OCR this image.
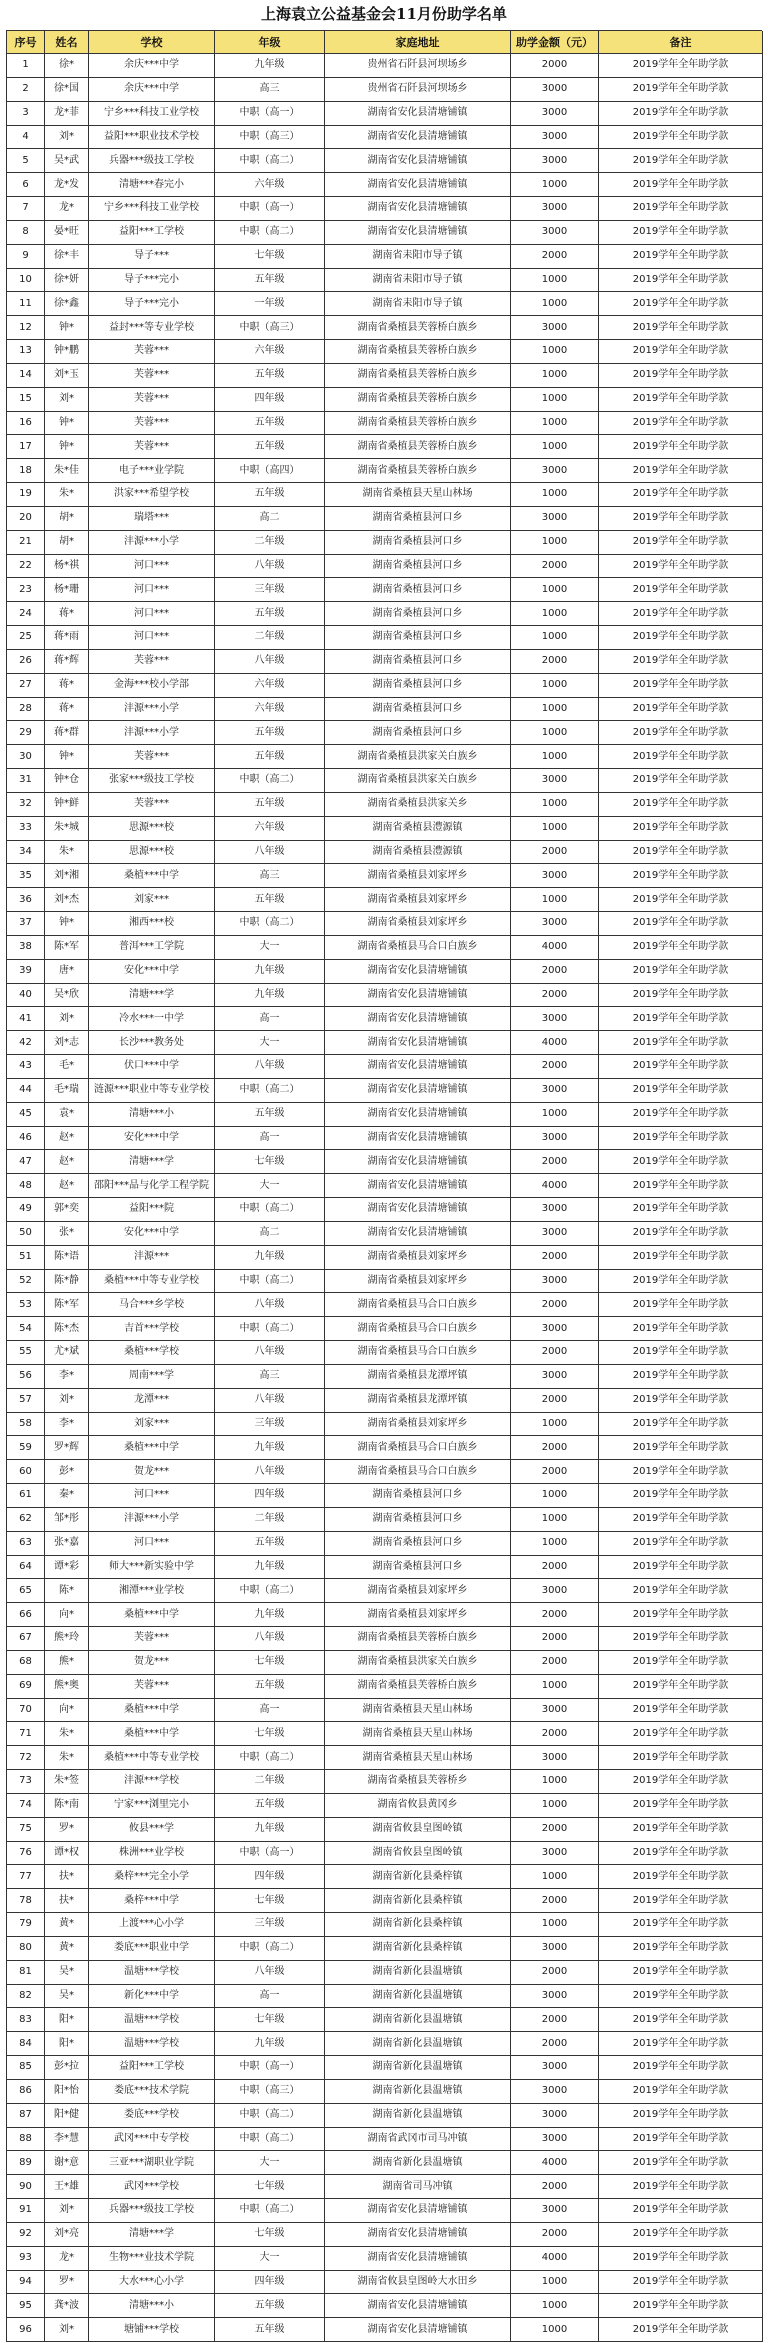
上海袁立公益基金会11月份助学名单
序号	姓名	学校	年级	家庭地址	助学金额（元）	备注
1	徐*	余庆***中学	九年级	贵州省石阡县河坝场乡	2000	2019学年全年助学款
2	徐*国	余庆***中学	高三	贵州省石阡县河坝场乡	3000	2019学年全年助学款
3	龙*菲	宁乡***科技工业学校	中职（高一）	湖南省安化县清塘铺镇	3000	2019学年全年助学款
4	刘*	益阳***职业技术学校	中职（高三）	湖南省安化县清塘铺镇	3000	2019学年全年助学款
5	吴*武	兵器***级技工学校	中职（高二）	湖南省安化县清塘铺镇	3000	2019学年全年助学款
6	龙*发	清塘***春完小	六年级	湖南省安化县清塘铺镇	1000	2019学年全年助学款
7	龙*	宁乡***科技工业学校	中职（高一）	湖南省安化县清塘铺镇	3000	2019学年全年助学款
8	晏*旺	益阳***工学校	中职（高二）	湖南省安化县清塘铺镇	3000	2019学年全年助学款
9	徐*丰	导子***	七年级	湖南省耒阳市导子镇	2000	2019学年全年助学款
10	徐*妍	导子***完小	五年级	湖南省耒阳市导子镇	1000	2019学年全年助学款
11	徐*鑫	导子***完小	一年级	湖南省耒阳市导子镇	1000	2019学年全年助学款
12	钟*	益封***等专业学校	中职（高三）	湖南省桑植县芙蓉桥白族乡	3000	2019学年全年助学款
13	钟*鹏	芙蓉***	六年级	湖南省桑植县芙蓉桥白族乡	1000	2019学年全年助学款
14	刘*玉	芙蓉***	五年级	湖南省桑植县芙蓉桥白族乡	1000	2019学年全年助学款
15	刘*	芙蓉***	四年级	湖南省桑植县芙蓉桥白族乡	1000	2019学年全年助学款
16	钟*	芙蓉***	五年级	湖南省桑植县芙蓉桥白族乡	1000	2019学年全年助学款
17	钟*	芙蓉***	五年级	湖南省桑植县芙蓉桥白族乡	1000	2019学年全年助学款
18	朱*佳	电子***业学院	中职（高四）	湖南省桑植县芙蓉桥白族乡	3000	2019学年全年助学款
19	朱*	洪家***希望学校	五年级	湖南省桑植县天星山林场	1000	2019学年全年助学款
20	胡*	瑞塔***	高二	湖南省桑植县河口乡	3000	2019学年全年助学款
21	胡*	沣源***小学	二年级	湖南省桑植县河口乡	1000	2019学年全年助学款
22	杨*祺	河口***	八年级	湖南省桑植县河口乡	2000	2019学年全年助学款
23	杨*珊	河口***	三年级	湖南省桑植县河口乡	1000	2019学年全年助学款
24	蒋*	河口***	五年级	湖南省桑植县河口乡	1000	2019学年全年助学款
25	蒋*雨	河口***	二年级	湖南省桑植县河口乡	1000	2019学年全年助学款
26	蒋*辉	芙蓉***	八年级	湖南省桑植县河口乡	2000	2019学年全年助学款
27	蒋*	金海***校小学部	六年级	湖南省桑植县河口乡	1000	2019学年全年助学款
28	蒋*	沣源***小学	六年级	湖南省桑植县河口乡	1000	2019学年全年助学款
29	蒋*群	沣源***小学	五年级	湖南省桑植县河口乡	1000	2019学年全年助学款
30	钟*	芙蓉***	五年级	湖南省桑植县洪家关白族乡	1000	2019学年全年助学款
31	钟*仓	张家***级技工学校	中职（高二）	湖南省桑植县洪家关白族乡	3000	2019学年全年助学款
32	钟*鲜	芙蓉***	五年级	湖南省桑植县洪家关乡	1000	2019学年全年助学款
33	朱*城	思源***校	六年级	湖南省桑植县澧源镇	1000	2019学年全年助学款
34	朱*	思源***校	八年级	湖南省桑植县澧源镇	2000	2019学年全年助学款
35	刘*湘	桑植***中学	高三	湖南省桑植县刘家坪乡	3000	2019学年全年助学款
36	刘*杰	刘家***	五年级	湖南省桑植县刘家坪乡	1000	2019学年全年助学款
37	钟*	湘西***校	中职（高二）	湖南省桑植县刘家坪乡	3000	2019学年全年助学款
38	陈*军	普洱***工学院	大一	湖南省桑植县马合口白族乡	4000	2019学年全年助学款
39	唐*	安化***中学	九年级	湖南省安化县清塘铺镇	2000	2019学年全年助学款
40	吴*欣	清塘***学	九年级	湖南省安化县清塘铺镇	2000	2019学年全年助学款
41	刘*	冷水***一中学	高一	湖南省安化县清塘铺镇	3000	2019学年全年助学款
42	刘*志	长沙***教务处	大一	湖南省安化县清塘铺镇	4000	2019学年全年助学款
43	毛*	伏口***中学	八年级	湖南省安化县清塘铺镇	2000	2019学年全年助学款
44	毛*瑞	涟源***职业中等专业学校	中职（高二）	湖南省安化县清塘铺镇	3000	2019学年全年助学款
45	袁*	清塘***小	五年级	湖南省安化县清塘铺镇	1000	2019学年全年助学款
46	赵*	安化***中学	高一	湖南省安化县清塘铺镇	3000	2019学年全年助学款
47	赵*	清塘***学	七年级	湖南省安化县清塘铺镇	2000	2019学年全年助学款
48	赵*	邵阳***品与化学工程学院	大一	湖南省安化县清塘铺镇	4000	2019学年全年助学款
49	郭*奕	益阳***院	中职（高二）	湖南省安化县清塘铺镇	3000	2019学年全年助学款
50	张*	安化***中学	高二	湖南省安化县清塘铺镇	3000	2019学年全年助学款
51	陈*语	沣源***	九年级	湖南省桑植县刘家坪乡	2000	2019学年全年助学款
52	陈*静	桑植***中等专业学校	中职（高二）	湖南省桑植县刘家坪乡	3000	2019学年全年助学款
53	陈*军	马合***乡学校	八年级	湖南省桑植县马合口白族乡	2000	2019学年全年助学款
54	陈*杰	吉首***学校	中职（高二）	湖南省桑植县马合口白族乡	3000	2019学年全年助学款
55	尤*斌	桑植***学校	八年级	湖南省桑植县马合口白族乡	2000	2019学年全年助学款
56	李*	周南***学	高三	湖南省桑植县龙潭坪镇	3000	2019学年全年助学款
57	刘*	龙潭***	八年级	湖南省桑植县龙潭坪镇	2000	2019学年全年助学款
58	李*	刘家***	三年级	湖南省桑植县刘家坪乡	1000	2019学年全年助学款
59	罗*辉	桑植***中学	九年级	湖南省桑植县马合口白族乡	2000	2019学年全年助学款
60	彭*	贺龙***	八年级	湖南省桑植县马合口白族乡	2000	2019学年全年助学款
61	秦*	河口***	四年级	湖南省桑植县河口乡	1000	2019学年全年助学款
62	邹*彤	沣源***小学	二年级	湖南省桑植县河口乡	1000	2019学年全年助学款
63	张*嘉	河口***	五年级	湖南省桑植县河口乡	1000	2019学年全年助学款
64	谭*彩	师大***新实验中学	九年级	湖南省桑植县河口乡	2000	2019学年全年助学款
65	陈*	湘潭***业学校	中职（高二）	湖南省桑植县刘家坪乡	3000	2019学年全年助学款
66	向*	桑植***中学	九年级	湖南省桑植县刘家坪乡	2000	2019学年全年助学款
67	熊*玲	芙蓉***	八年级	湖南省桑植县芙蓉桥白族乡	2000	2019学年全年助学款
68	熊*	贺龙***	七年级	湖南省桑植县洪家关白族乡	2000	2019学年全年助学款
69	熊*奥	芙蓉***	五年级	湖南省桑植县芙蓉桥白族乡	1000	2019学年全年助学款
70	向*	桑植***中学	高一	湖南省桑植县天星山林场	3000	2019学年全年助学款
71	朱*	桑植***中学	七年级	湖南省桑植县天星山林场	2000	2019学年全年助学款
72	朱*	桑植***中等专业学校	中职（高二）	湖南省桑植县天星山林场	3000	2019学年全年助学款
73	朱*签	沣源***学校	二年级	湖南省桑植县芙蓉桥乡	1000	2019学年全年助学款
74	陈*南	宁家***浏里完小	五年级	湖南省攸县黄冈乡	1000	2019学年全年助学款
75	罗*	攸县***学	九年级	湖南省攸县皇图岭镇	2000	2019学年全年助学款
76	谭*权	株洲***业学校	中职（高一）	湖南省攸县皇图岭镇	3000	2019学年全年助学款
77	扶*	桑梓***完全小学	四年级	湖南省新化县桑梓镇	1000	2019学年全年助学款
78	扶*	桑梓***中学	七年级	湖南省新化县桑梓镇	2000	2019学年全年助学款
79	黄*	上渡***心小学	三年级	湖南省新化县桑梓镇	1000	2019学年全年助学款
80	黄*	娄底***职业中学	中职（高二）	湖南省新化县桑梓镇	3000	2019学年全年助学款
81	吴*	温塘***学校	八年级	湖南省新化县温塘镇	2000	2019学年全年助学款
82	吴*	新化***中学	高一	湖南省新化县温塘镇	3000	2019学年全年助学款
83	阳*	温塘***学校	七年级	湖南省新化县温塘镇	2000	2019学年全年助学款
84	阳*	温塘***学校	九年级	湖南省新化县温塘镇	2000	2019学年全年助学款
85	彭*拉	益阳***工学校	中职（高一）	湖南省新化县温塘镇	3000	2019学年全年助学款
86	阳*怡	娄底***技术学院	中职（高三）	湖南省新化县温塘镇	3000	2019学年全年助学款
87	阳*健	娄底***学校	中职（高二）	湖南省新化县温塘镇	3000	2019学年全年助学款
88	李*慧	武冈***中专学校	中职（高二）	湖南省武冈市司马冲镇	3000	2019学年全年助学款
89	谢*意	三亚***湖职业学院	大一	湖南省新化县温塘镇	4000	2019学年全年助学款
90	王*雄	武冈***学校	七年级	湖南省司马冲镇	2000	2019学年全年助学款
91	刘*	兵器***级技工学校	中职（高二）	湖南省安化县清塘铺镇	3000	2019学年全年助学款
92	刘*亮	清塘***学	七年级	湖南省安化县清塘铺镇	2000	2019学年全年助学款
93	龙*	生物***业技术学院	大一	湖南省安化县清塘铺镇	4000	2019学年全年助学款
94	罗*	大水***心小学	四年级	湖南省攸县皇图岭大水田乡	1000	2019学年全年助学款
95	龚*波	清塘***小	五年级	湖南省安化县清塘铺镇	1000	2019学年全年助学款
96	刘*	塘铺***学校	五年级	湖南省安化县清塘铺镇	1000	2019学年全年助学款
